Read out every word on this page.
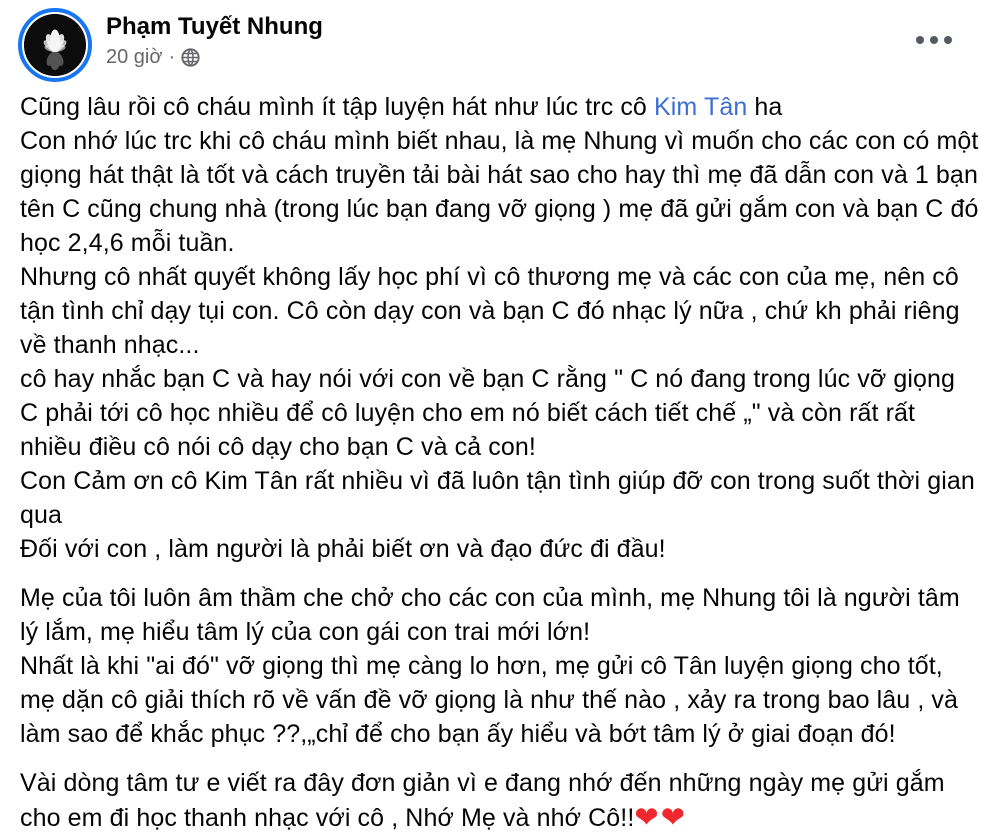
Phạm Tuyết Nhung
20 giờ ·
Cũng lâu rồi cô cháu mình ít tập luyện hát như lúc trc cô Kim Tân ha
Con nhớ lúc trc khi cô cháu mình biết nhau, là mẹ Nhung vì muốn cho các con có một giọng hát thật là tốt và cách truyền tải bài hát sao cho hay thì mẹ đã dẫn con và 1 bạn tên C cũng chung nhà (trong lúc bạn đang vỡ giọng ) mẹ đã gửi gắm con và bạn C đó học 2,4,6 mỗi tuần.
Nhưng cô nhất quyết không lấy học phí vì cô thương mẹ và các con của mẹ, nên cô tận tình chỉ dạy tụi con. Cô còn dạy con và bạn C đó nhạc lý nữa , chứ kh phải riêng về thanh nhạc...
cô hay nhắc bạn C và hay nói với con về bạn C rằng " C nó đang trong lúc vỡ giọng C phải tới cô học nhiều để cô luyện cho em nó biết cách tiết chế „" và còn rất rất nhiều điều cô nói cô dạy cho bạn C và cả con!
Con Cảm ơn cô Kim Tân rất nhiều vì đã luôn tận tình giúp đỡ con trong suốt thời gian qua
Đối với con , làm người là phải biết ơn và đạo đức đi đầu!
Mẹ của tôi luôn âm thầm che chở cho các con của mình, mẹ Nhung tôi là người tâm lý lắm, mẹ hiểu tâm lý của con gái con trai mới lớn!
Nhất là khi "ai đó" vỡ giọng thì mẹ càng lo hơn, mẹ gửi cô Tân luyện giọng cho tốt, mẹ dặn cô giải thích rõ về vấn đề vỡ giọng là như thế nào , xảy ra trong bao lâu , và làm sao để khắc phục ??,„chỉ để cho bạn ấy hiểu và bớt tâm lý ở giai đoạn đó!
Vài dòng tâm tư e viết ra đây đơn giản vì e đang nhớ đến những ngày mẹ gửi gắm cho em đi học thanh nhạc với cô , Nhớ Mẹ và nhớ Cô!!❤❤
